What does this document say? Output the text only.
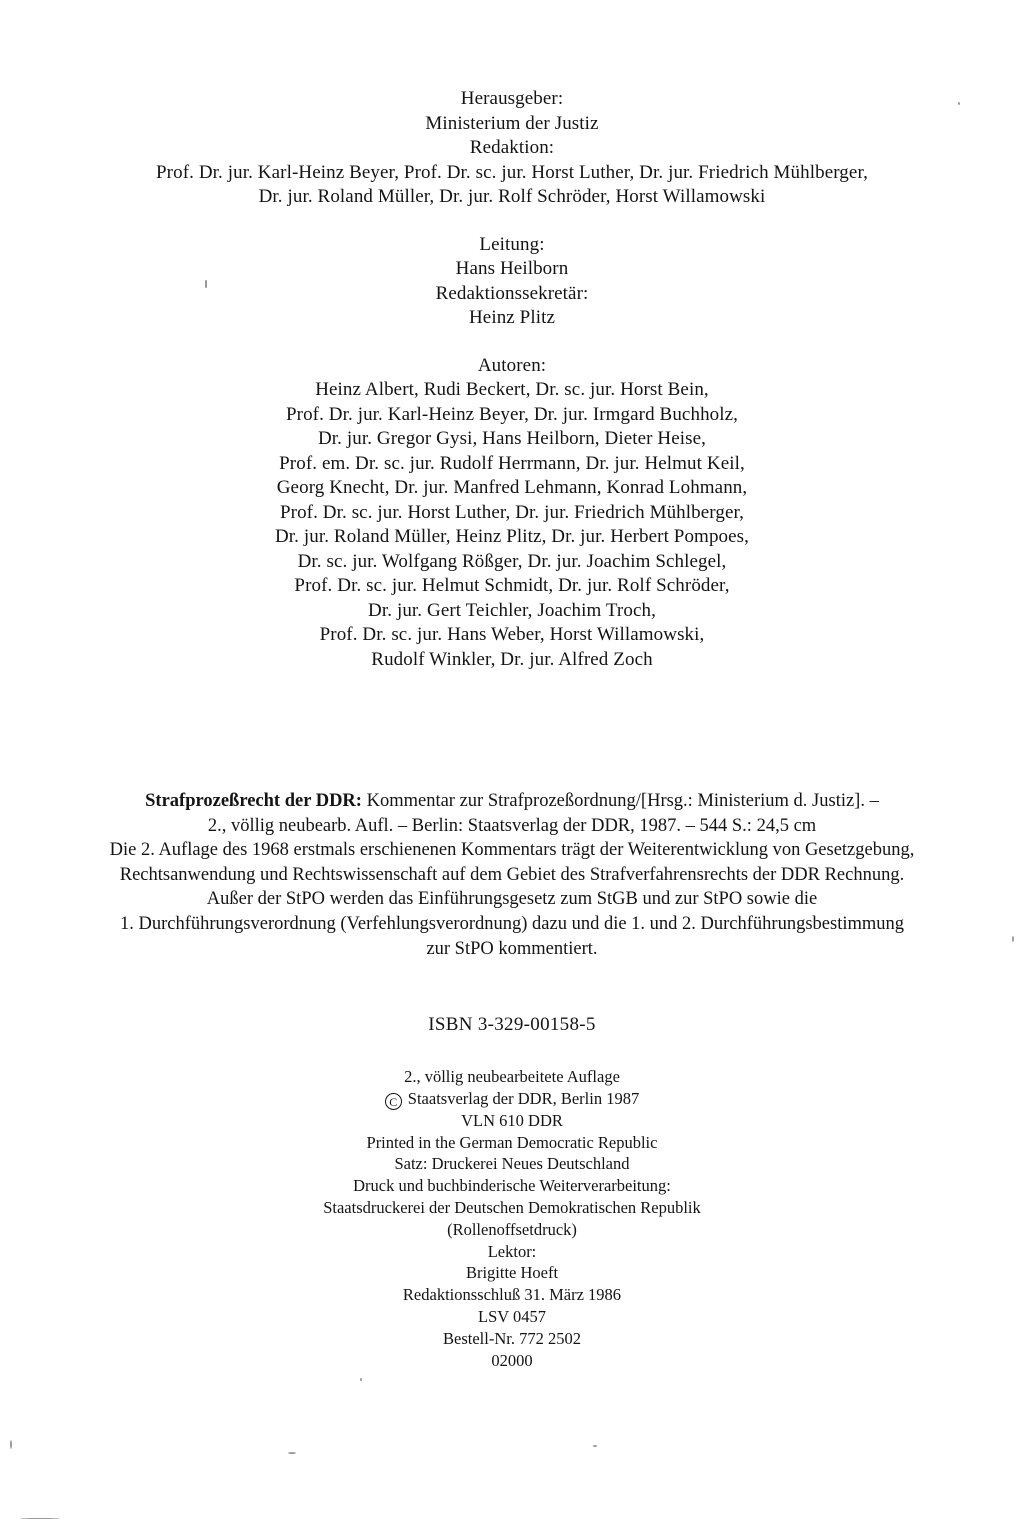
Herausgeber:
Ministerium der Justiz
Redaktion:
Prof. Dr. jur. Karl-Heinz Beyer, Prof. Dr. sc. jur. Horst Luther, Dr. jur. Friedrich Mühlberger,
Dr. jur. Roland Müller, Dr. jur. Rolf Schröder, Horst Willamowski
Leitung:
Hans Heilborn
Redaktionssekretär:
Heinz Plitz
Autoren:
Heinz Albert, Rudi Beckert, Dr. sc. jur. Horst Bein,
Prof. Dr. jur. Karl-Heinz Beyer, Dr. jur. Irmgard Buchholz,
Dr. jur. Gregor Gysi, Hans Heilborn, Dieter Heise,
Prof. em. Dr. sc. jur. Rudolf Herrmann, Dr. jur. Helmut Keil,
Georg Knecht, Dr. jur. Manfred Lehmann, Konrad Lohmann,
Prof. Dr. sc. jur. Horst Luther, Dr. jur. Friedrich Mühlberger,
Dr. jur. Roland Müller, Heinz Plitz, Dr. jur. Herbert Pompoes,
Dr. sc. jur. Wolfgang Rößger, Dr. jur. Joachim Schlegel,
Prof. Dr. sc. jur. Helmut Schmidt, Dr. jur. Rolf Schröder,
Dr. jur. Gert Teichler, Joachim Troch,
Prof. Dr. sc. jur. Hans Weber, Horst Willamowski,
Rudolf Winkler, Dr. jur. Alfred Zoch
Strafprozeßrecht der DDR: Kommentar zur Strafprozeßordnung/[Hrsg.: Ministerium d. Justiz]. –
2., völlig neubearb. Aufl. – Berlin: Staatsverlag der DDR, 1987. – 544 S.: 24,5 cm
Die 2. Auflage des 1968 erstmals erschienenen Kommentars trägt der Weiterentwicklung von Gesetzgebung,
Rechtsanwendung und Rechtswissenschaft auf dem Gebiet des Strafverfahrensrechts der DDR Rechnung.
Außer der StPO werden das Einführungsgesetz zum StGB und zur StPO sowie die
1. Durchführungsverordnung (Verfehlungsverordnung) dazu und die 1. und 2. Durchführungsbestimmung
zur StPO kommentiert.
ISBN 3-329-00158-5
2., völlig neubearbeitete Auflage
C Staatsverlag der DDR, Berlin 1987
VLN 610 DDR
Printed in the German Democratic Republic
Satz: Druckerei Neues Deutschland
Druck und buchbinderische Weiterverarbeitung:
Staatsdruckerei der Deutschen Demokratischen Republik
(Rollenoffsetdruck)
Lektor:
Brigitte Hoeft
Redaktionsschluß 31. März 1986
LSV 0457
Bestell-Nr. 772 2502
02000
